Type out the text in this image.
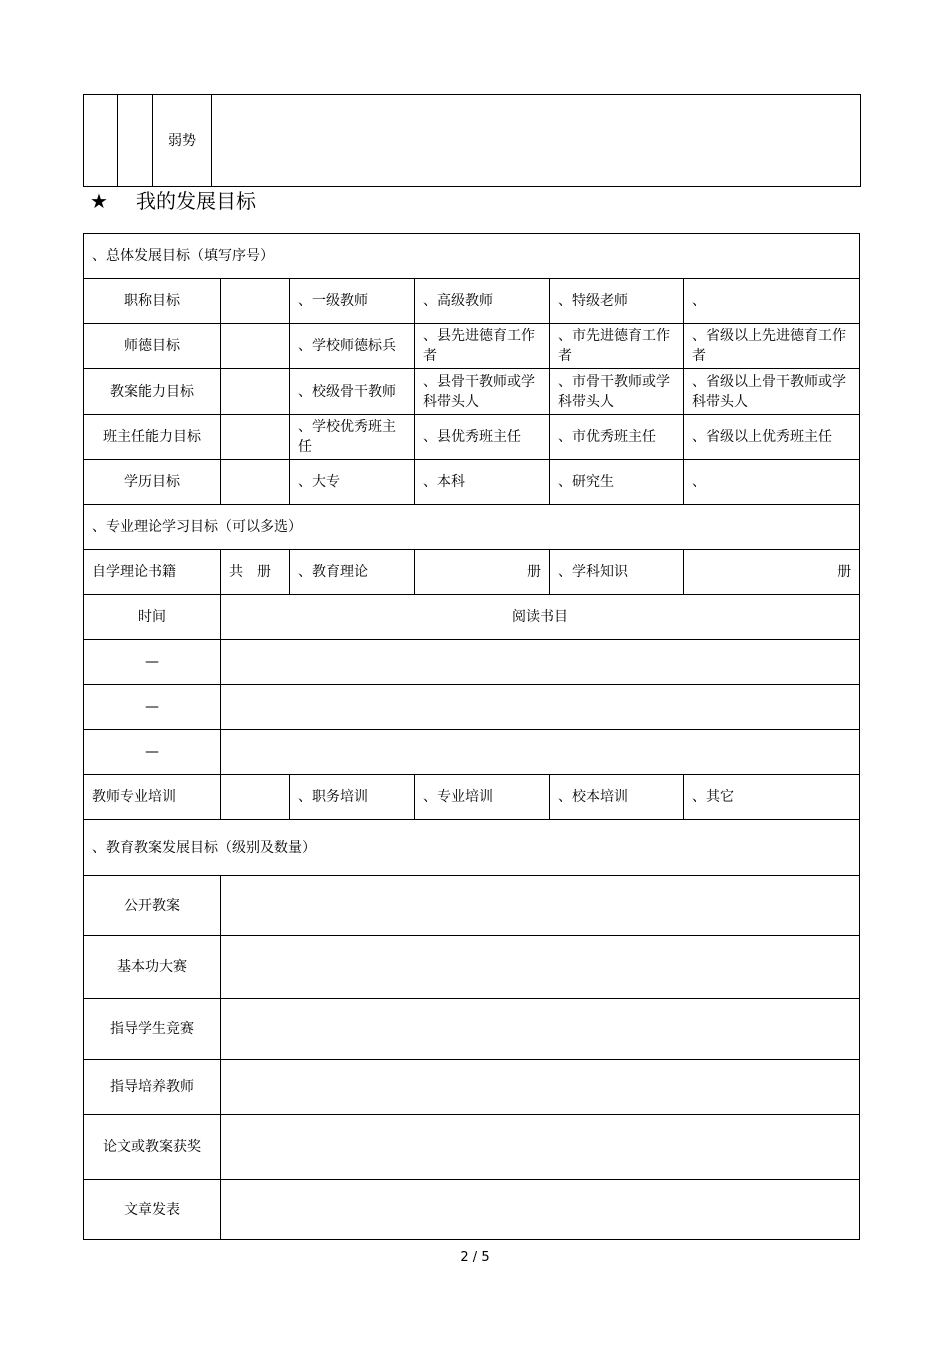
		弱势	
★ 我的发展目标
、总体发展目标（填写序号）					
职称目标		、一级教师	、高级教师	、特级老师	、
师德目标		、学校师德标兵	、县先进德育工作者	、市先进德育工作者	、省级以上先进德育工作者
教案能力目标		、校级骨干教师	、县骨干教师或学科带头人	、市骨干教师或学科带头人	、省级以上骨干教师或学科带头人
班主任能力目标		、学校优秀班主任	、县优秀班主任	、市优秀班主任	、省级以上优秀班主任
学历目标		、大专	、本科	、研究生	、
、专业理论学习目标（可以多选）					
自学理论书籍	共　册	、教育理论	册	、学科知识	册
时间	阅读书目				
—					
—					
—					
教师专业培训		、职务培训	、专业培训	、校本培训	、其它
、教育教案发展目标（级别及数量）					
公开教案					
基本功大赛					
指导学生竞赛					
指导培养教师					
论文或教案获奖					
文章发表					
2 / 5
